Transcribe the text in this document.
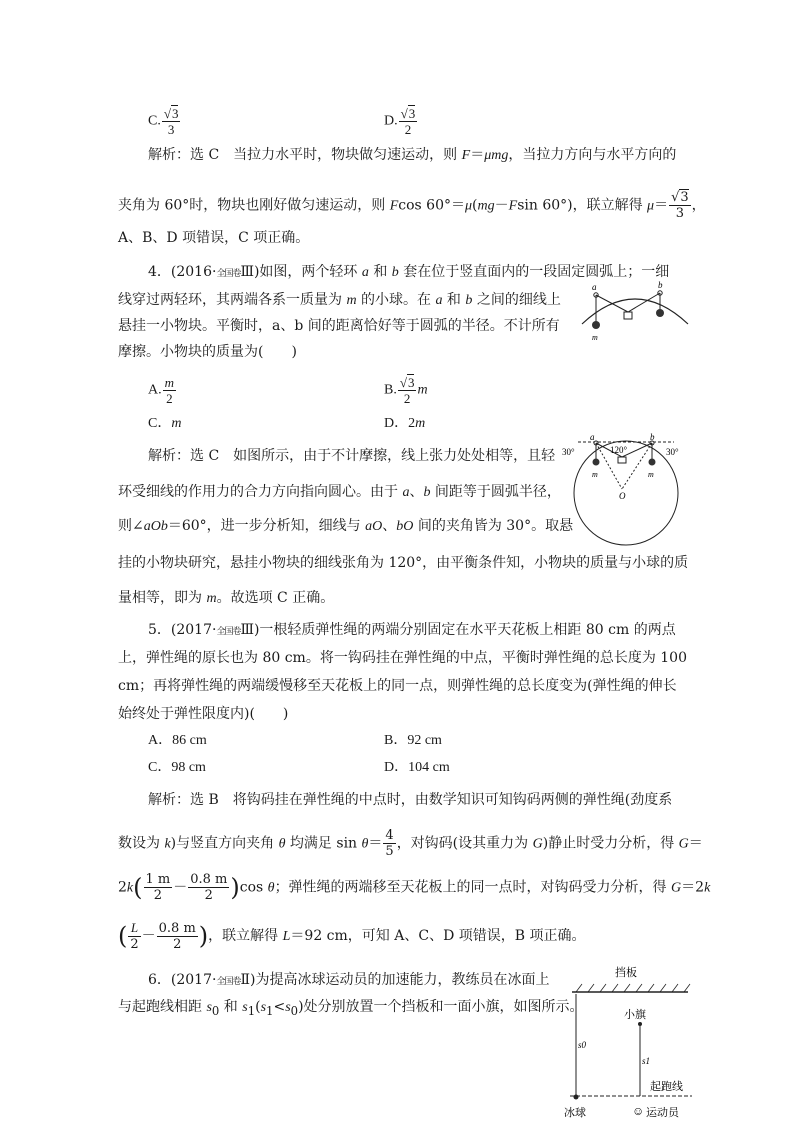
C. $\frac{√3}{3}$	D. $\frac{√3}{2}$
解析：选 C　当拉力水平时，物块做匀速运动，则 F＝μmg，当拉力方向与水平方向的
夹角为 60°时，物块也刚好做匀速运动，则 Fcos 60°＝μ(mg－Fsin 60°)，联立解得 $\mu= \frac{√3}{3}$ ，
A、B、D 项错误，C 项正确。
4．(2016·全国卷Ⅲ)如图，两个轻环 a 和 b 套在位于竖直面内的一段固定圆弧上；一细
线穿过两轻环，其两端各系一质量为 m 的小球。在 a 和 b 之间的细线上
悬挂一小物块。平衡时，a、b 间的距离恰好等于圆弧的半径。不计所有
摩擦。小物块的质量为(　　)
a	b
m
A. $\frac{m}{2}$	B. $\frac{√3}{2}$ m
C．m	D．2m
解析：选 C　如图所示，由于不计摩擦，线上张力处处相等，且轻
环受细线的作用力的合力方向指向圆心。由于 a、b 间距等于圆弧半径，
则∠aOb＝60°，进一步分析知，细线与 aO、bO 间的夹角皆为 30°。取悬
挂的小物块研究，悬挂小物块的细线张角为 120°，由平衡条件知，小物块的质量与小球的质
量相等，即为 m。故选项 C 正确。
a	b
30°	30°
120°
O
m	m
5．(2017·全国卷Ⅲ)一根轻质弹性绳的两端分别固定在水平天花板上相距 80 cm 的两点
上，弹性绳的原长也为 80 cm。将一钩码挂在弹性绳的中点，平衡时弹性绳的总长度为 100
cm；再将弹性绳的两端缓慢移至天花板上的同一点，则弹性绳的总长度变为(弹性绳的伸长
始终处于弹性限度内)(　　)
A．86 cm	B．92 cm
C．98 cm	D．104 cm
解析：选 B　将钩码挂在弹性绳的中点时，由数学知识可知钩码两侧的弹性绳(劲度系
数设为 k)与竖直方向夹角 θ 均满足 $\sin \theta= \frac{4}{5}$ ，对钩码(设其重力为 G)静止时受力分析，得 G＝
$2k( \frac{1 m}{2} - \frac{0.8 m}{2} )\cos$ θ；弹性绳的两端移至天花板上的同一点时，对钩码受力分析，得 G＝2k
( $\frac{L}{2} - \frac{0.8 m}{2}$ )，联立解得 L＝92 cm，可知 A、C、D 项错误，B 项正确。
6．(2017·全国卷Ⅱ)为提高冰球运动员的加速能力，教练员在冰面上
与起跑线相距 $s_0$ 和 $s_1(s_1<s_0)$处分别放置一个挡板和一面小旗，如图所示。
挡板
s0
小旗
s1
起跑线
冰球	☺ 运动员
